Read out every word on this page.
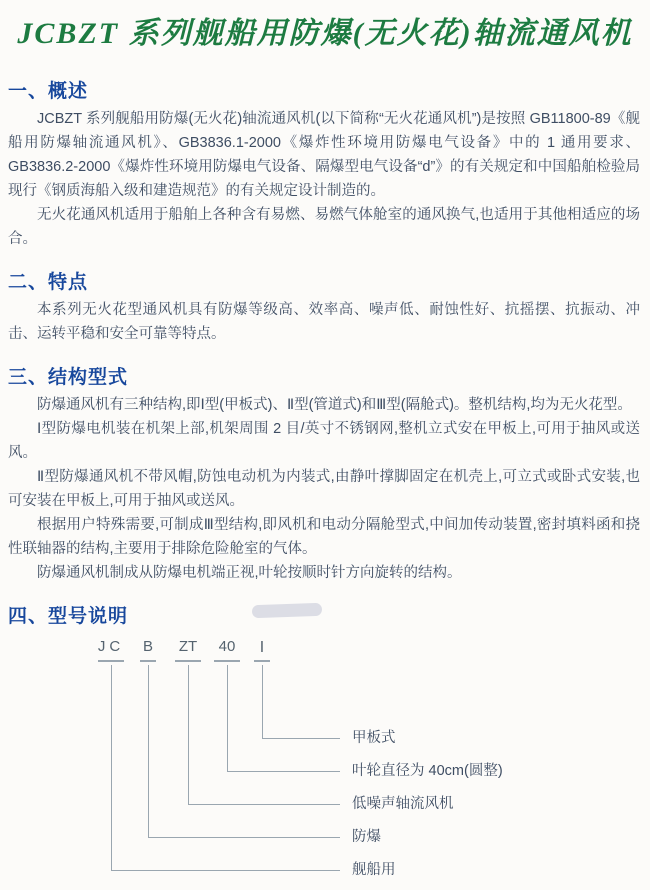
JCBZT 系列舰船用防爆(无火花)轴流通风机
一、概述

JCBZT 系列舰船用防爆(无火花)轴流通风机(以下简称“无火花通风机”)是按照 GB11800-89《舰船用防爆轴流通风机》、GB3836.1-2000《爆炸性环境用防爆电气设备》中的 1 通用要求、GB3836.2-2000《爆炸性环境用防爆电气设备、隔爆型电气设备“d”》的有关规定和中国船舶检验局现行《钢质海船入级和建造规范》的有关规定设计制造的。

无火花通风机适用于船舶上各种含有易燃、易燃气体舱室的通风换气,也适用于其他相适应的场合。

二、特点

本系列无火花型通风机具有防爆等级高、效率高、噪声低、耐蚀性好、抗摇摆、抗振动、冲击、运转平稳和安全可靠等特点。

三、结构型式

防爆通风机有三种结构,即Ⅰ型(甲板式)、Ⅱ型(管道式)和Ⅲ型(隔舱式)。整机结构,均为无火花型。

Ⅰ型防爆电机装在机架上部,机架周围 2 目/英寸不锈钢网,整机立式安在甲板上,可用于抽风或送风。

Ⅱ型防爆通风机不带风帽,防蚀电动机为内装式,由静叶撑脚固定在机壳上,可立式或卧式安装,也可安装在甲板上,可用于抽风或送风。

根据用户特殊需要,可制成Ⅲ型结构,即风机和电动分隔舱型式,中间加传动装置,密封填料函和挠性联轴器的结构,主要用于排除危险舱室的气体。

防爆通风机制成从防爆电机端正视,叶轮按顺时针方向旋转的结构。

四、型号说明
JC
舰船用
B
防爆
ZT
低噪声轴流风机
40
叶轮直径为 40cm(圆整)
Ⅰ
甲板式
